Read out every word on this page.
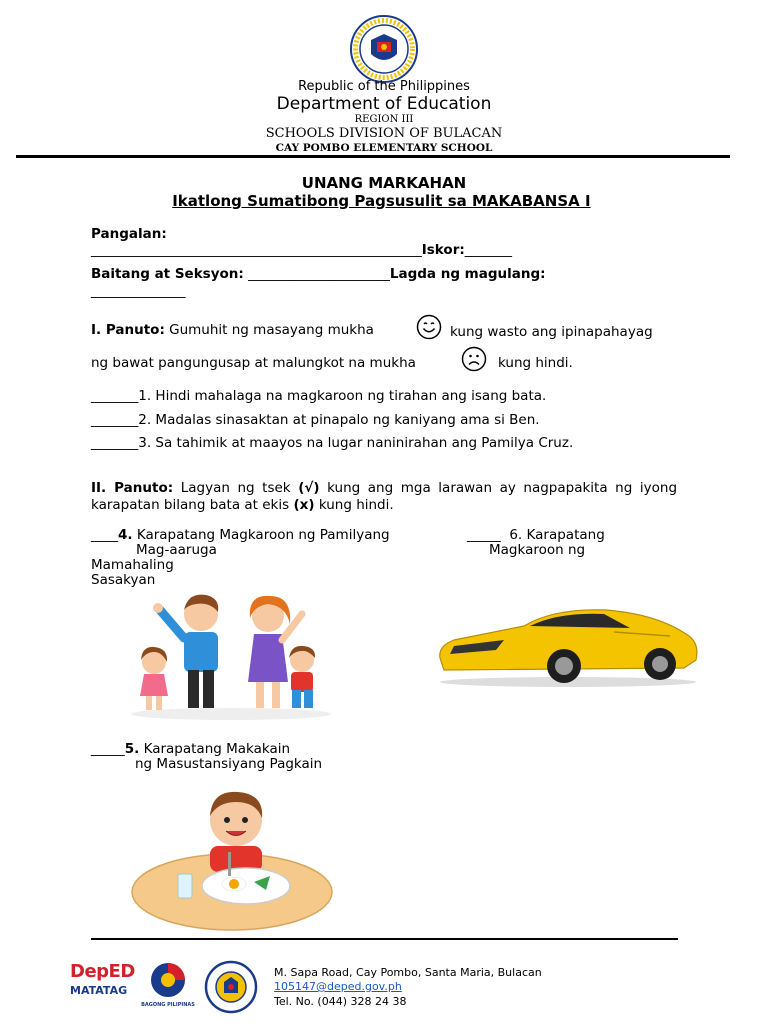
Republic of the Philippines
Department of Education
REGION III
SCHOOLS DIVISION OF BULACAN
CAY POMBO ELEMENTARY SCHOOL
UNANG MARKAHAN
Ikatlong Sumatibong Pagsusulit sa MAKABANSA I
Pangalan:
_________________________________________________Iskor:_______
Baitang at Seksyon: _____________________Lagda ng magulang:
______________
I. Panuto: Gumuhit ng masayang mukha	kung wasto ang ipinapahayag
ng bawat pangungusap at malungkot na mukha	kung hindi.
_______1. Hindi mahalaga na magkaroon ng tirahan ang isang bata.
_______2. Madalas sinasaktan at pinapalo ng kaniyang ama si Ben.
_______3. Sa tahimik at maayos na lugar naninirahan ang Pamilya Cruz.
II. Panuto: Lagyan ng tsek (√) kung ang mga larawan ay nagpapakita ng iyong karapatan bilang bata at ekis (x) kung hindi.
____4. Karapatang Magkaroon ng Pamilyang
Mag-aaruga
_____ 6. Karapatang
Magkaroon ng
Mamahaling
Sasakyan
_____5. Karapatang Makakain
ng Masustansiyang Pagkain
DepED
MATATAG
BAGONG PILIPINAS
M. Sapa Road, Cay Pombo, Santa Maria, Bulacan
105147@deped.gov.ph
Tel. No. (044) 328 24 38
